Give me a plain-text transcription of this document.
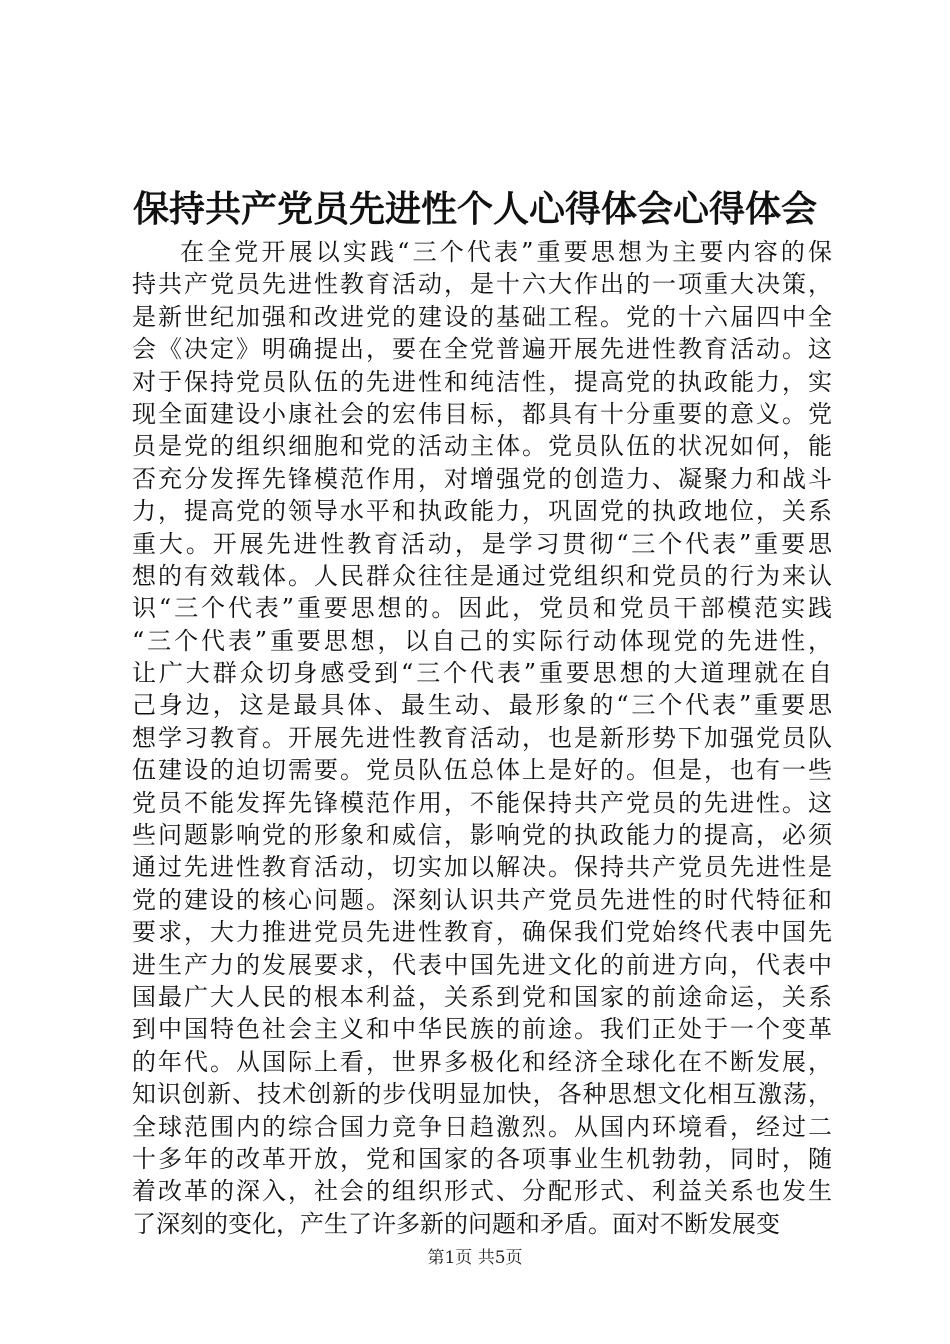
保持共产党员先进性个人心得体会心得体会
在全党开展以实践“三个代表”重要思想为主要内容的保
持共产党员先进性教育活动，是十六大作出的一项重大决策，
是新世纪加强和改进党的建设的基础工程。党的十六届四中全
会《决定》明确提出，要在全党普遍开展先进性教育活动。这
对于保持党员队伍的先进性和纯洁性，提高党的执政能力，实
现全面建设小康社会的宏伟目标，都具有十分重要的意义。党
员是党的组织细胞和党的活动主体。党员队伍的状况如何，能
否充分发挥先锋模范作用，对增强党的创造力、凝聚力和战斗
力，提高党的领导水平和执政能力，巩固党的执政地位，关系
重大。开展先进性教育活动，是学习贯彻“三个代表”重要思
想的有效载体。人民群众往往是通过党组织和党员的行为来认
识“三个代表”重要思想的。因此，党员和党员干部模范实践
“三个代表”重要思想，以自己的实际行动体现党的先进性，
让广大群众切身感受到“三个代表”重要思想的大道理就在自
己身边，这是最具体、最生动、最形象的“三个代表”重要思
想学习教育。开展先进性教育活动，也是新形势下加强党员队
伍建设的迫切需要。党员队伍总体上是好的。但是，也有一些
党员不能发挥先锋模范作用，不能保持共产党员的先进性。这
些问题影响党的形象和威信，影响党的执政能力的提高，必须
通过先进性教育活动，切实加以解决。保持共产党员先进性是
党的建设的核心问题。深刻认识共产党员先进性的时代特征和
要求，大力推进党员先进性教育，确保我们党始终代表中国先
进生产力的发展要求，代表中国先进文化的前进方向，代表中
国最广大人民的根本利益，关系到党和国家的前途命运，关系
到中国特色社会主义和中华民族的前途。我们正处于一个变革
的年代。从国际上看，世界多极化和经济全球化在不断发展，
知识创新、技术创新的步伐明显加快，各种思想文化相互激荡，
全球范围内的综合国力竞争日趋激烈。从国内环境看，经过二
十多年的改革开放，党和国家的各项事业生机勃勃，同时，随
着改革的深入，社会的组织形式、分配形式、利益关系也发生
了深刻的变化，产生了许多新的问题和矛盾。面对不断发展变
第1页 共5页
